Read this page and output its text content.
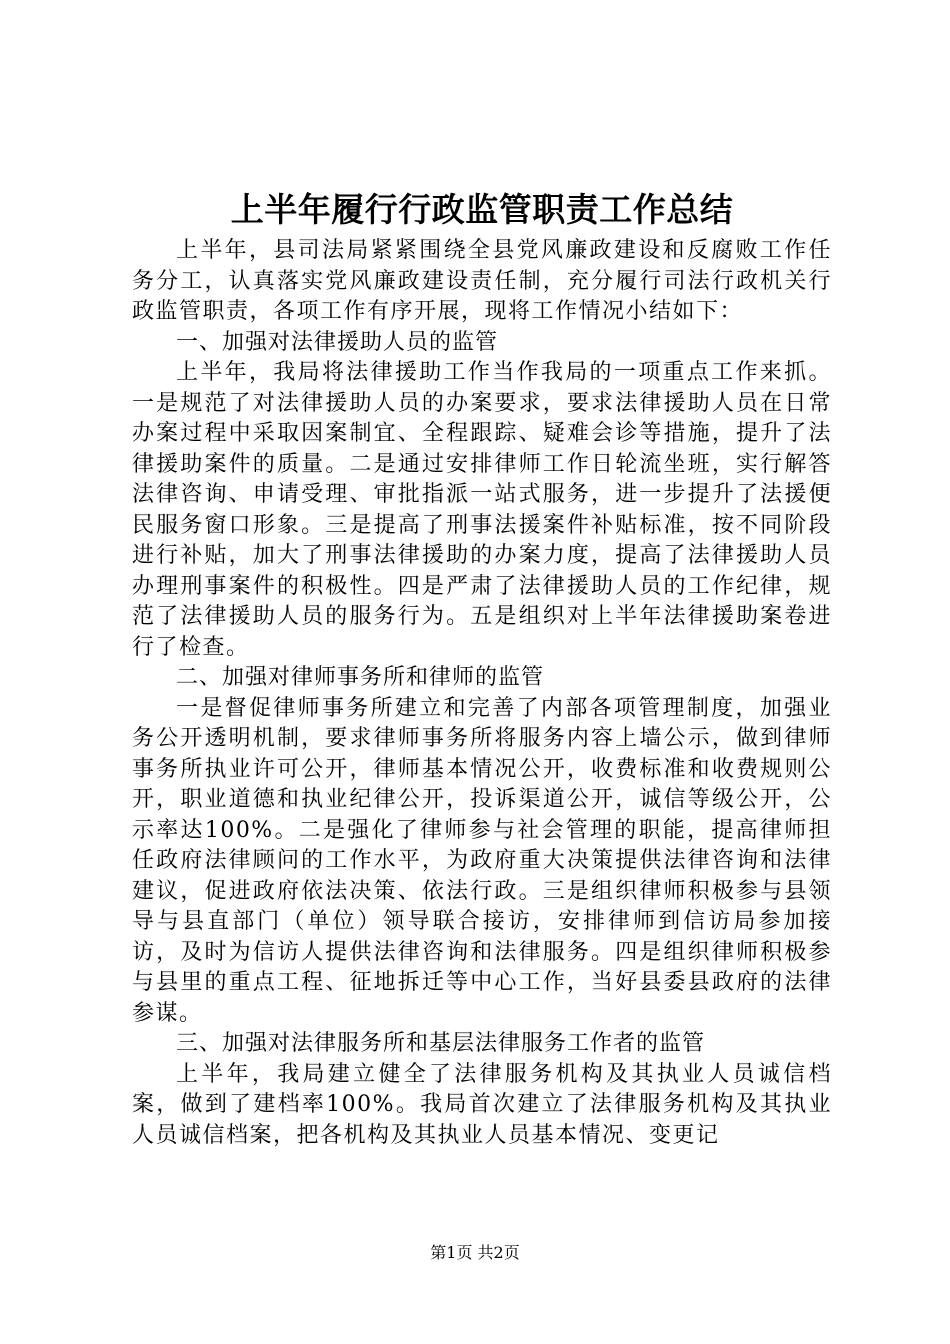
上半年履行行政监管职责工作总结

上半年，县司法局紧紧围绕全县党风廉政建设和反腐败工作任务分工，认真落实党风廉政建设责任制，充分履行司法行政机关行政监管职责，各项工作有序开展，现将工作情况小结如下：

一、加强对法律援助人员的监管

上半年，我局将法律援助工作当作我局的一项重点工作来抓。一是规范了对法律援助人员的办案要求，要求法律援助人员在日常办案过程中采取因案制宜、全程跟踪、疑难会诊等措施，提升了法律援助案件的质量。二是通过安排律师工作日轮流坐班，实行解答法律咨询、申请受理、审批指派一站式服务，进一步提升了法援便民服务窗口形象。三是提高了刑事法援案件补贴标准，按不同阶段进行补贴，加大了刑事法律援助的办案力度，提高了法律援助人员办理刑事案件的积极性。四是严肃了法律援助人员的工作纪律，规范了法律援助人员的服务行为。五是组织对上半年法律援助案卷进行了检查。

二、加强对律师事务所和律师的监管

一是督促律师事务所建立和完善了内部各项管理制度，加强业务公开透明机制，要求律师事务所将服务内容上墙公示，做到律师事务所执业许可公开，律师基本情况公开，收费标准和收费规则公开，职业道德和执业纪律公开，投诉渠道公开，诚信等级公开，公示率达100%。二是强化了律师参与社会管理的职能，提高律师担任政府法律顾问的工作水平，为政府重大决策提供法律咨询和法律建议，促进政府依法决策、依法行政。三是组织律师积极参与县领导与县直部门（单位）领导联合接访，安排律师到信访局参加接访，及时为信访人提供法律咨询和法律服务。四是组织律师积极参与县里的重点工程、征地拆迁等中心工作，当好县委县政府的法律参谋。

三、加强对法律服务所和基层法律服务工作者的监管

上半年，我局建立健全了法律服务机构及其执业人员诚信档案，做到了建档率100%。我局首次建立了法律服务机构及其执业人员诚信档案，把各机构及其执业人员基本情况、变更记

第1页 共2页
